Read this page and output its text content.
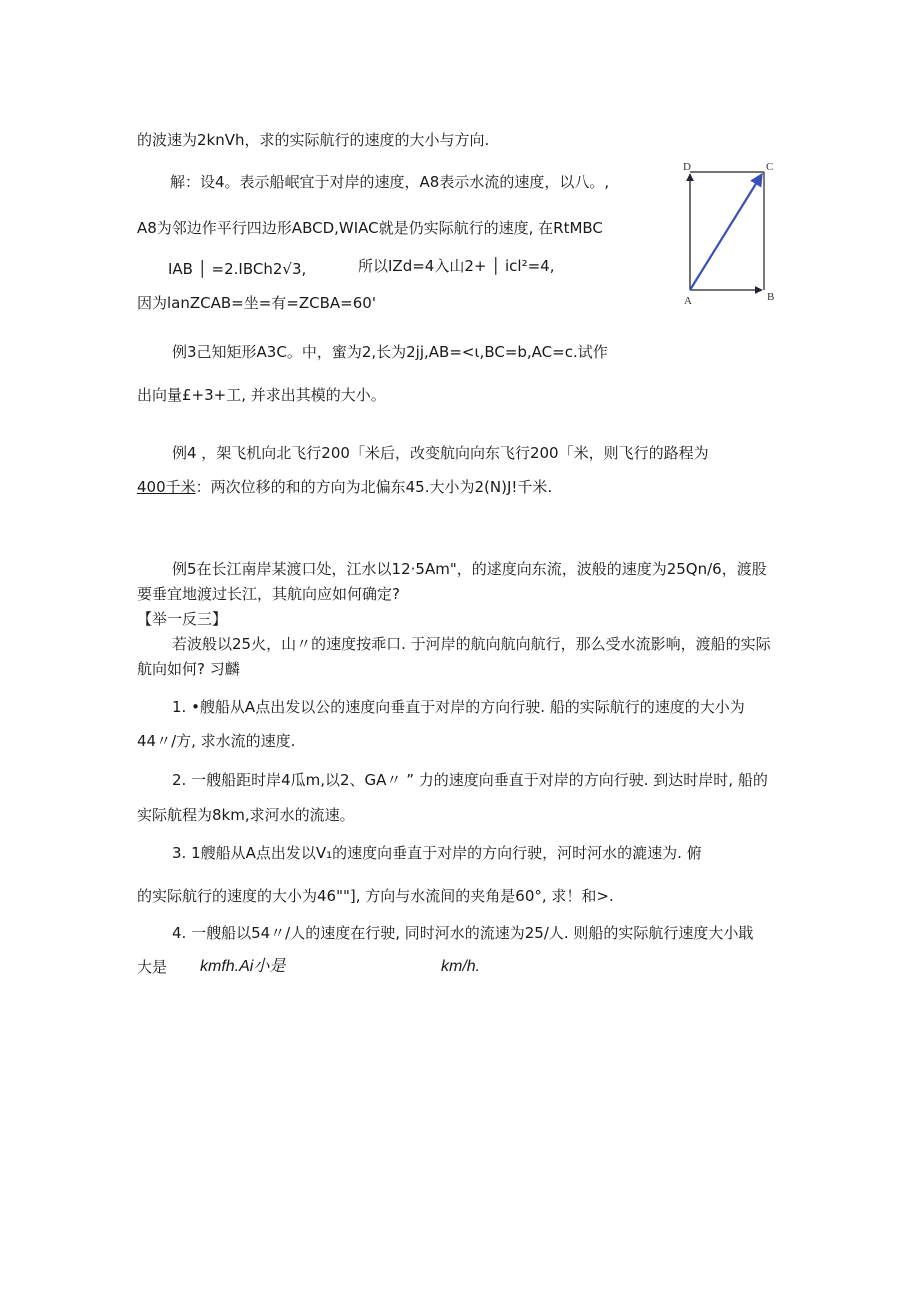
的波速为2knVh，求的实际航行的速度的大小与方向.
解：设4。表示船岷宜于对岸的速度，A8表示水流的速度，以八。,
A8为邻边作平行四边形ABCD,WIAC就是仍实际航行的速度, 在RtMBC
IAB │ =2.IBCh2√3,	所以IZd=4入山2+ │ icl²=4,
因为lanZCAB=坐=有=ZCBA=60'	A	B
C
D
例3己知矩形A3C。中，蜜为2,长为2jj,AB=<ι,BC=b,AC=c.试作
出向量£+3+工, 并求出其模的大小。
例4 ，架飞机向北飞行200「米后，改变航向向东飞行200「米，则飞行的路程为
400千米：两次位移的和的方向为北偏东45.大小为2(N)J!千米.
例5在长江南岸某渡口处，江水以12·5Am"，的逑度向东流，波般的速度为25Qn/6，渡股
要垂宜地渡过长江，其航向应如何确定?
【举一反三】
若波般以25火，山〃的速度按乖口. 于河岸的航向航向航行，那么受水流影响，渡船的实际
航向如何? 习麟
1. •艘船从A点出发以公的速度向垂直于对岸的方向行驶. 船的实际航行的速度的大小为
44〃/方, 求水流的速度.
2. 一艘船距时岸4瓜m,以2、GA〃 ” 力的速度向垂直于对岸的方向行驶. 到达时岸时, 船的
实际航程为8km,求河水的流速。
3. 1艘船从A点出发以V₁的速度向垂直于对岸的方向行驶，河时河水的漉速为. 俯
的实际航行的速度的大小为46""], 方向与水流间的夹角是60°, 求！和>.
4. 一艘船以54〃/人的速度在行驶, 同时河水的流速为25/人. 则船的实际航行速度大小戢
大是 kmfh.Ai小是	km/h.
